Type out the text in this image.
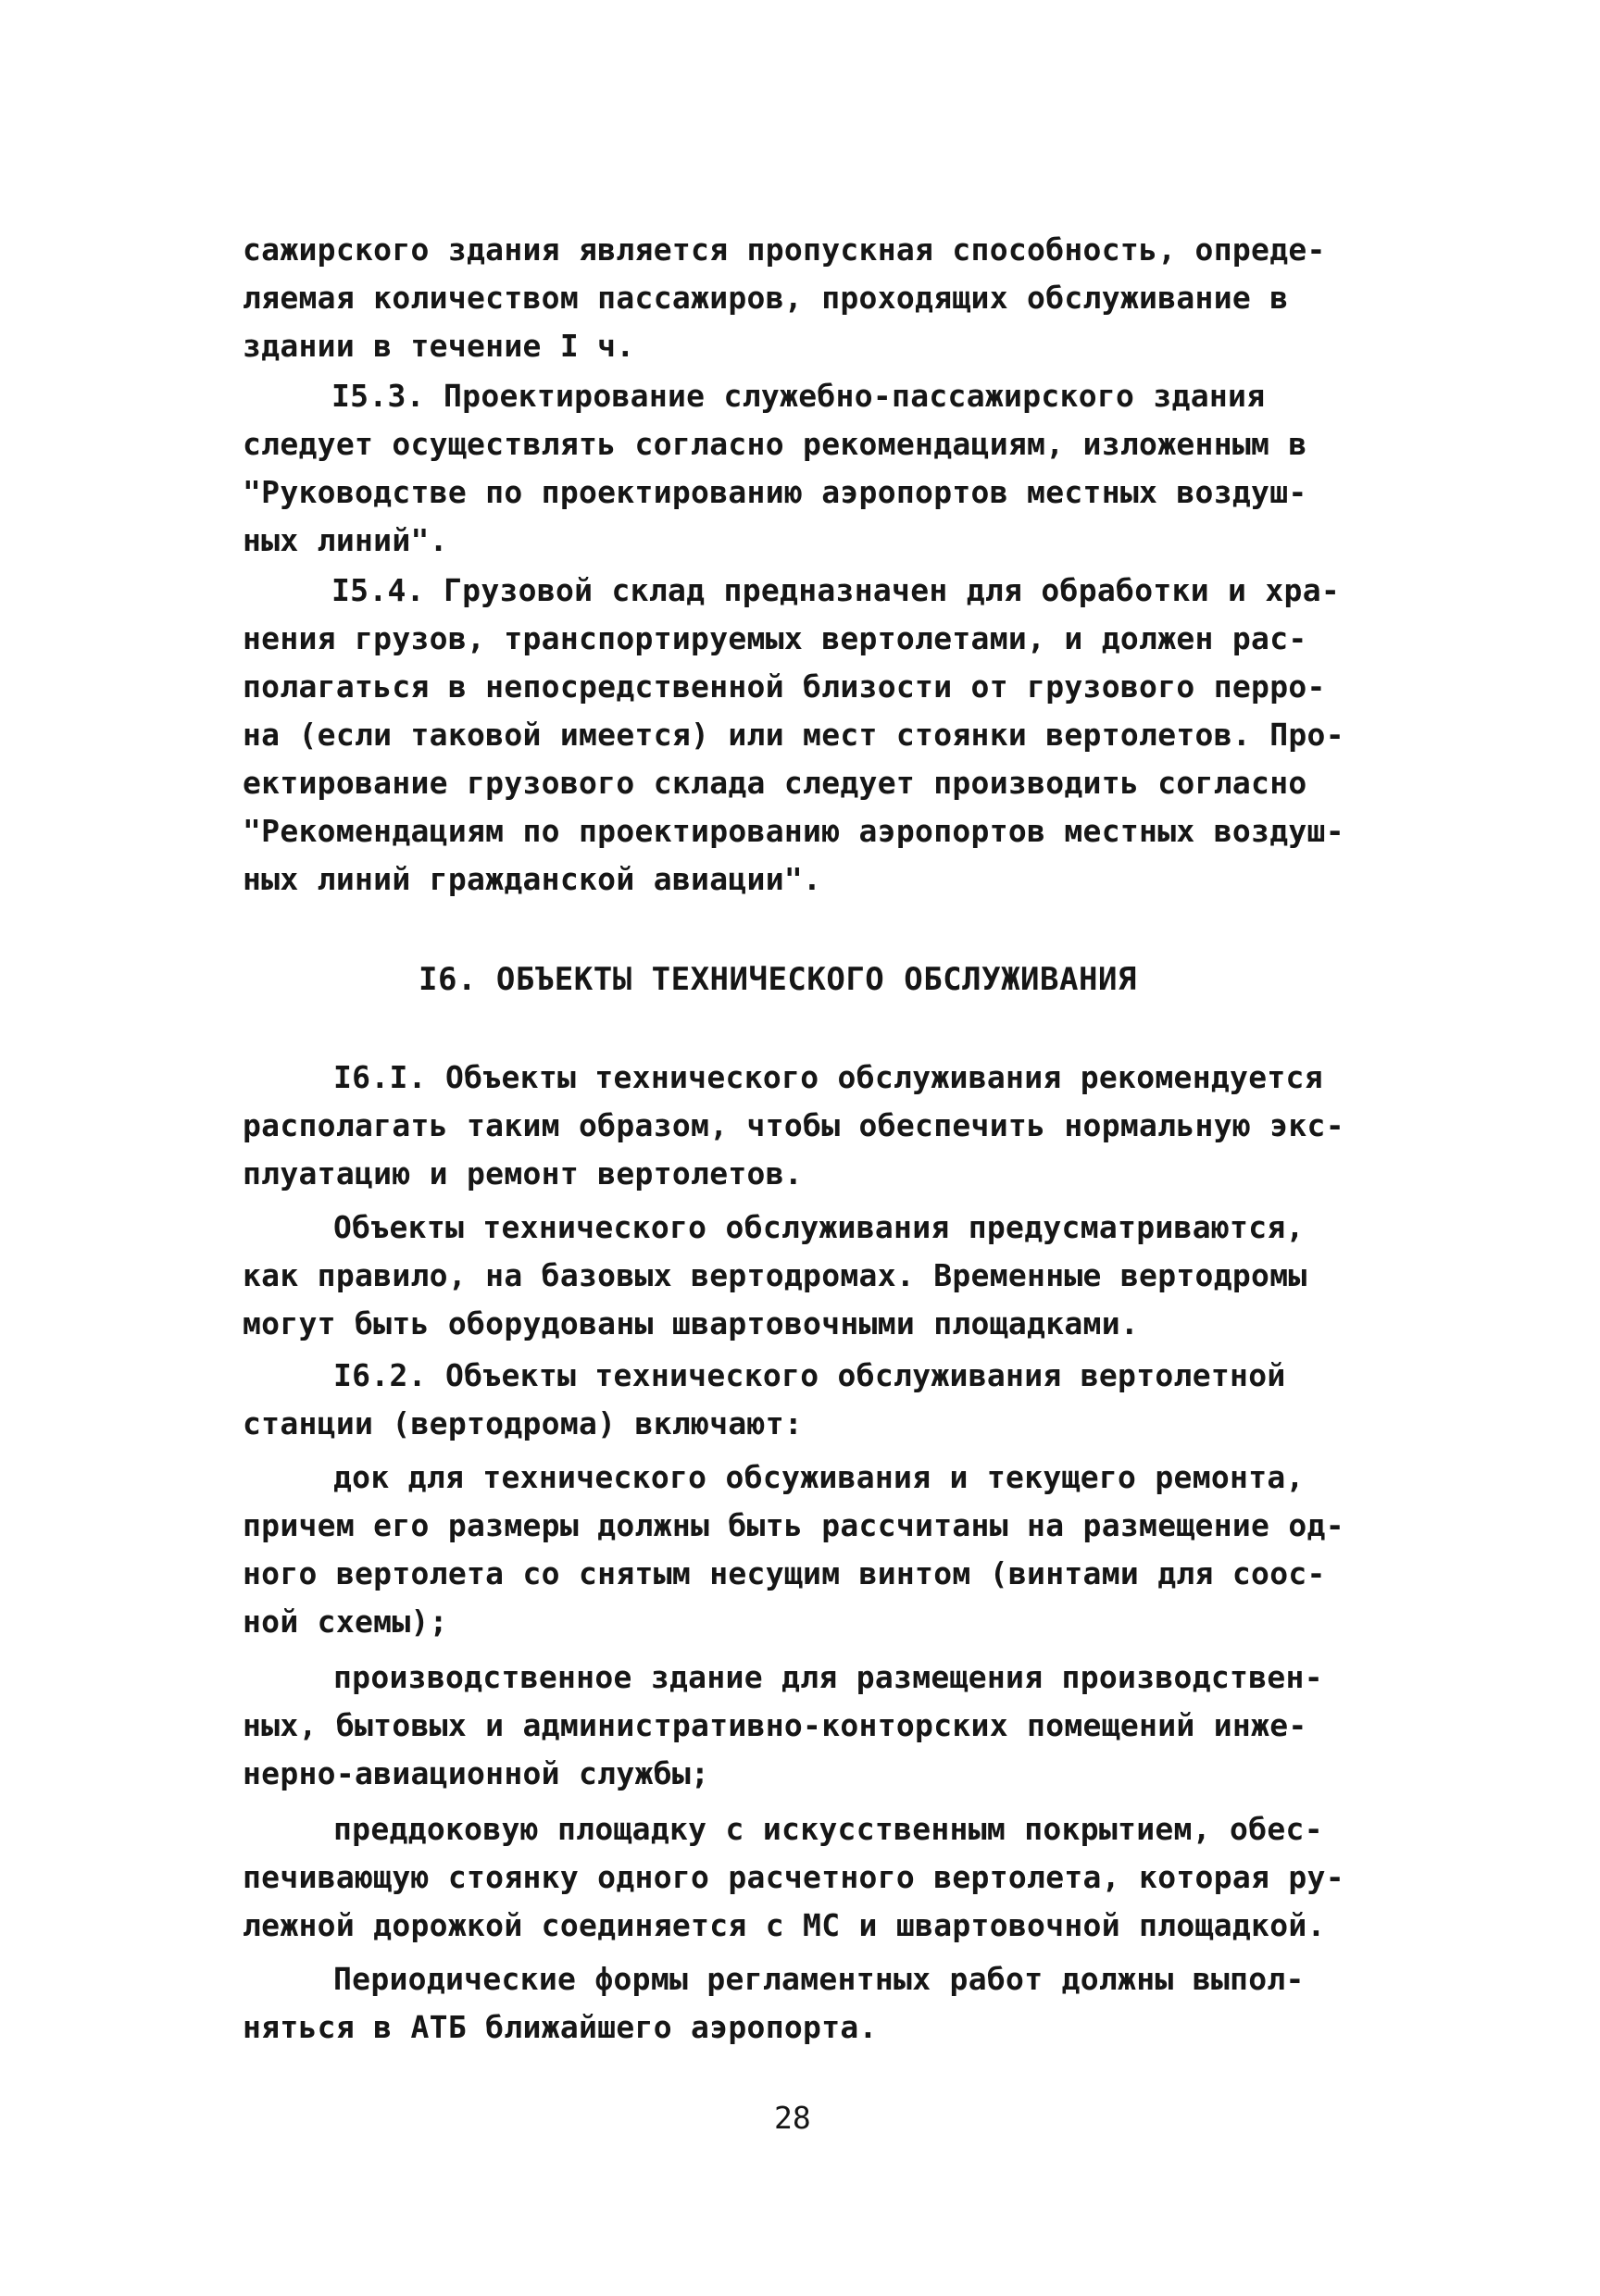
сажирского здания является пропускная способность, опреде-
ляемая количеством пассажиров, проходящих обслуживание в
здании в течение I ч.
I5.3. Проектирование служебно-пассажирского здания
следует осуществлять согласно рекомендациям, изложенным в
"Руководстве по проектированию аэропортов местных воздуш-
ных линий".
I5.4. Грузовой склад предназначен для обработки и хра-
нения грузов, транспортируемых вертолетами, и должен рас-
полагаться в непосредственной близости от грузового перро-
на (если таковой имеется) или мест стоянки вертолетов. Про-
ектирование грузового склада следует производить согласно
"Рекомендациям по проектированию аэропортов местных воздуш-
ных линий гражданской авиации".
I6. ОБЪЕКТЫ ТЕХНИЧЕСКОГО ОБСЛУЖИВАНИЯ
I6.I. Объекты технического обслуживания рекомендуется
располагать таким образом, чтобы обеспечить нормальную экс-
плуатацию и ремонт вертолетов.
Объекты технического обслуживания предусматриваются,
как правило, на базовых вертодромах. Временные вертодромы
могут быть оборудованы швартовочными площадками.
I6.2. Объекты технического обслуживания вертолетной
станции (вертодрома) включают:
док для технического обсуживания и текущего ремонта,
причем его размеры должны быть рассчитаны на размещение од-
ного вертолета со снятым несущим винтом (винтами для соос-
ной схемы);
производственное здание для размещения производствен-
ных, бытовых и административно-конторских помещений инже-
нерно-авиационной службы;
преддоковую площадку с искусственным покрытием, обес-
печивающую стоянку одного расчетного вертолета, которая ру-
лежной дорожкой соединяется с МС и швартовочной площадкой.
Периодические формы регламентных работ должны выпол-
няться в АТБ ближайшего аэропорта.
28
